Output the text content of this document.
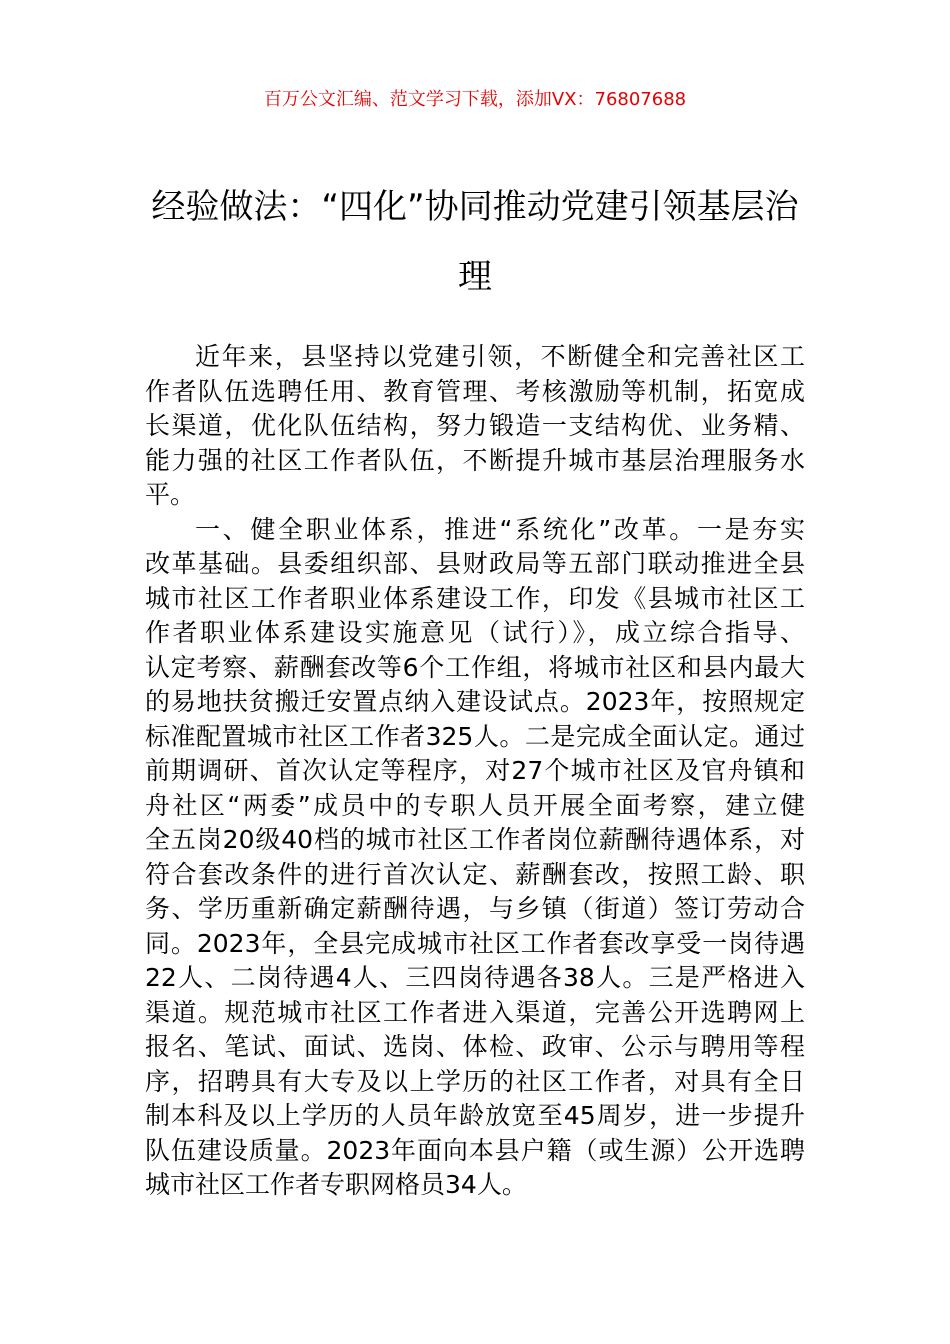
百万公文汇编、范文学习下载，添加VX：76807688
经验做法：“四化”协同推动党建引领基层治理
近年来，县坚持以党建引领，不断健全和完善社区工
作者队伍选聘任用、教育管理、考核激励等机制，拓宽成
长渠道，优化队伍结构，努力锻造一支结构优、业务精、
能力强的社区工作者队伍，不断提升城市基层治理服务水
平。
一、健全职业体系，推进“系统化”改革。一是夯实
改革基础。县委组织部、县财政局等五部门联动推进全县
城市社区工作者职业体系建设工作，印发《县城市社区工
作者职业体系建设实施意见（试行）》，成立综合指导、
认定考察、薪酬套改等6个工作组，将城市社区和县内最大
的易地扶贫搬迁安置点纳入建设试点。2023年，按照规定
标准配置城市社区工作者325人。二是完成全面认定。通过
前期调研、首次认定等程序，对27个城市社区及官舟镇和
舟社区“两委”成员中的专职人员开展全面考察，建立健
全五岗20级40档的城市社区工作者岗位薪酬待遇体系，对
符合套改条件的进行首次认定、薪酬套改，按照工龄、职
务、学历重新确定薪酬待遇，与乡镇（街道）签订劳动合
同。2023年，全县完成城市社区工作者套改享受一岗待遇
22人、二岗待遇4人、三四岗待遇各38人。三是严格进入
渠道。规范城市社区工作者进入渠道，完善公开选聘网上
报名、笔试、面试、选岗、体检、政审、公示与聘用等程
序，招聘具有大专及以上学历的社区工作者，对具有全日
制本科及以上学历的人员年龄放宽至45周岁，进一步提升
队伍建设质量。2023年面向本县户籍（或生源）公开选聘
城市社区工作者专职网格员34人。
